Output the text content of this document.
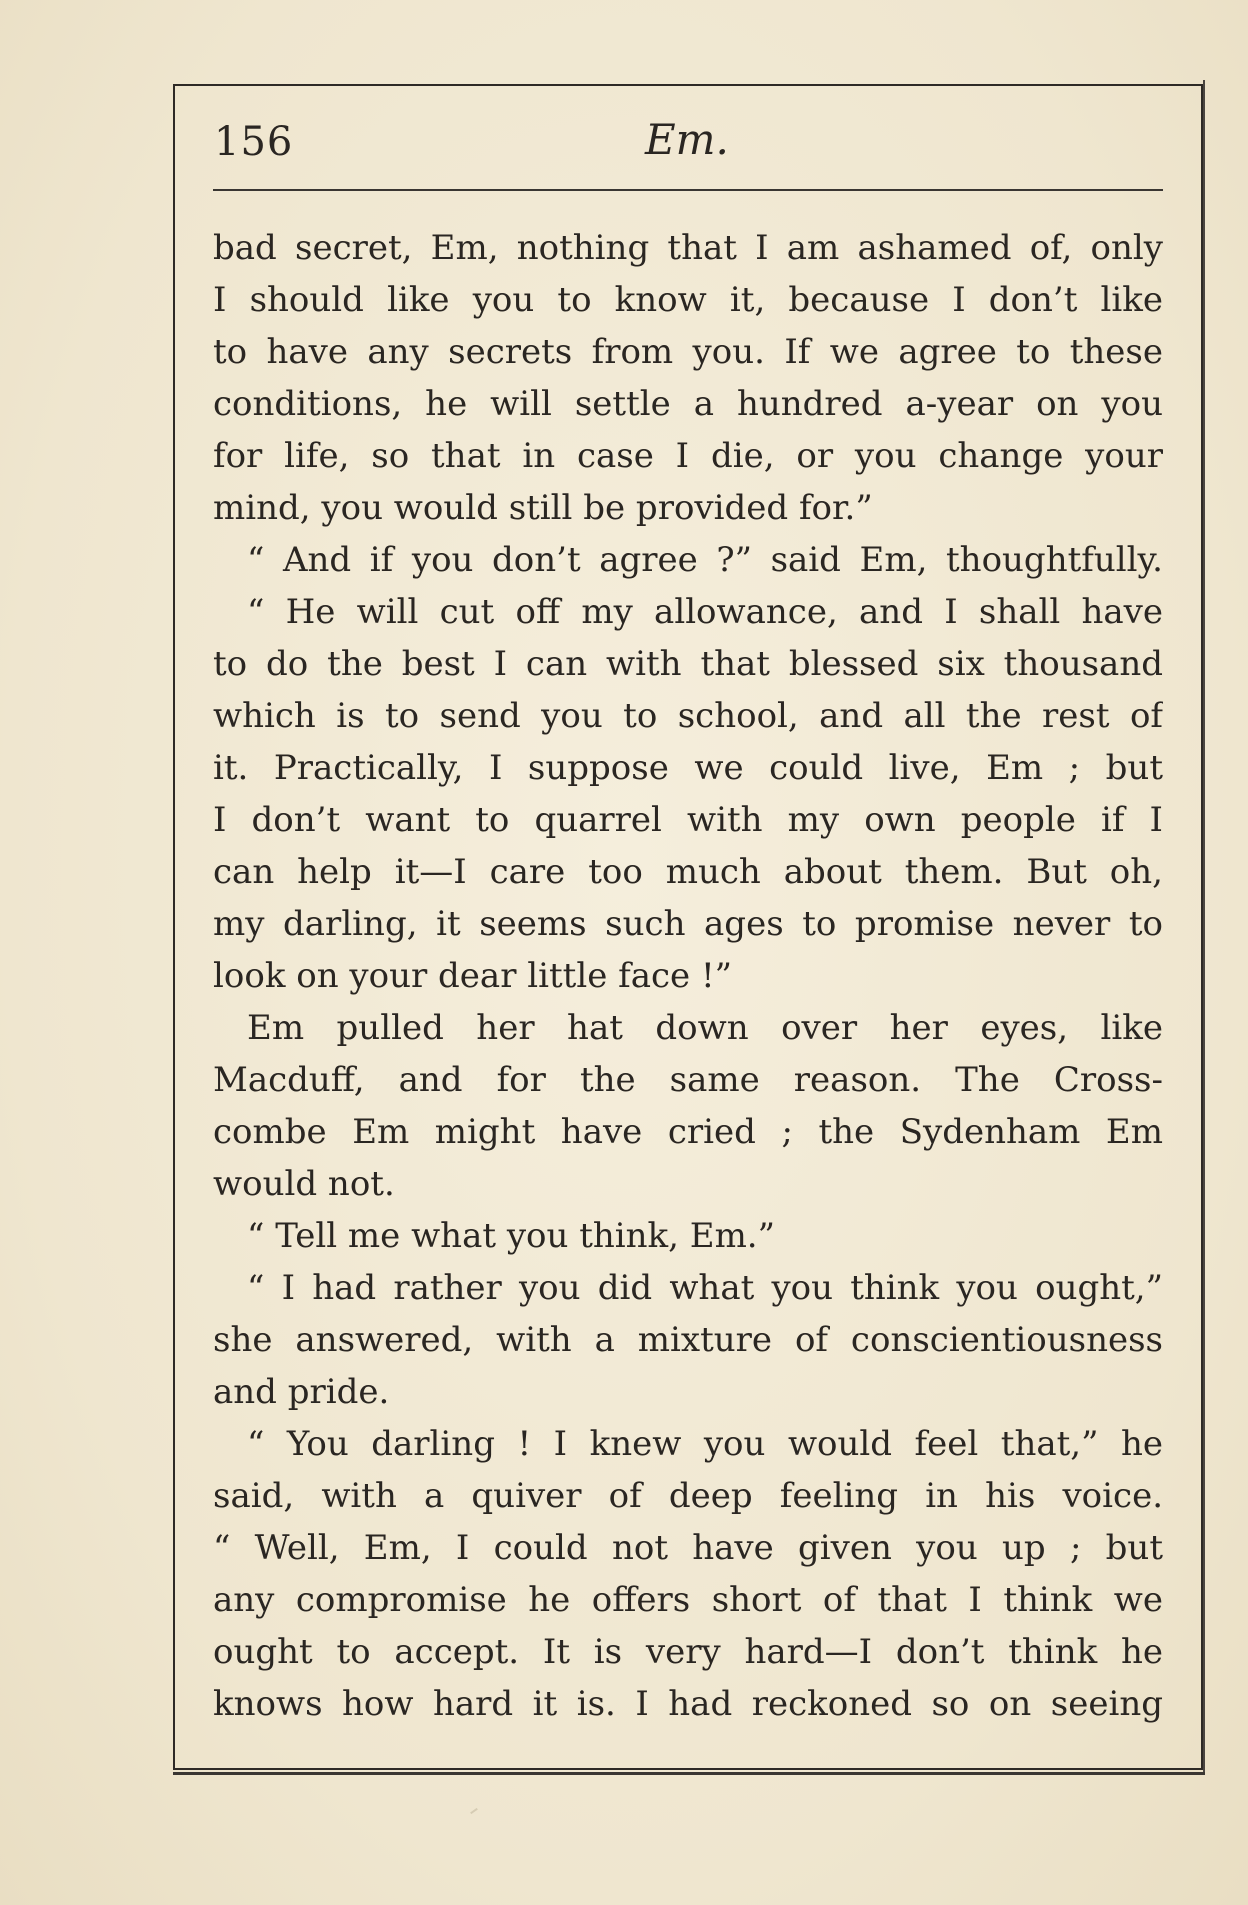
156	Em.
bad secret, Em, nothing that I am ashamed of, only
I should like you to know it, because I don’t like
to have any secrets from you. If we agree to these
conditions, he will settle a hundred a-year on you
for life, so that in case I die, or you change your
mind, you would still be provided for.”
“ And if you don’t agree ?” said Em, thoughtfully.
“ He will cut off my allowance, and I shall have
to do the best I can with that blessed six thousand
which is to send you to school, and all the rest of
it. Practically, I suppose we could live, Em ; but
I don’t want to quarrel with my own people if I
can help it—I care too much about them. But oh,
my darling, it seems such ages to promise never to
look on your dear little face !”
Em pulled her hat down over her eyes, like
Macduff, and for the same reason. The Cross-
combe Em might have cried ; the Sydenham Em
would not.
“ Tell me what you think, Em.”
“ I had rather you did what you think you ought,”
she answered, with a mixture of conscientiousness
and pride.
“ You darling ! I knew you would feel that,” he
said, with a quiver of deep feeling in his voice.
“ Well, Em, I could not have given you up ; but
any compromise he offers short of that I think we
ought to accept. It is very hard—I don’t think he
knows how hard it is. I had reckoned so on seeing
